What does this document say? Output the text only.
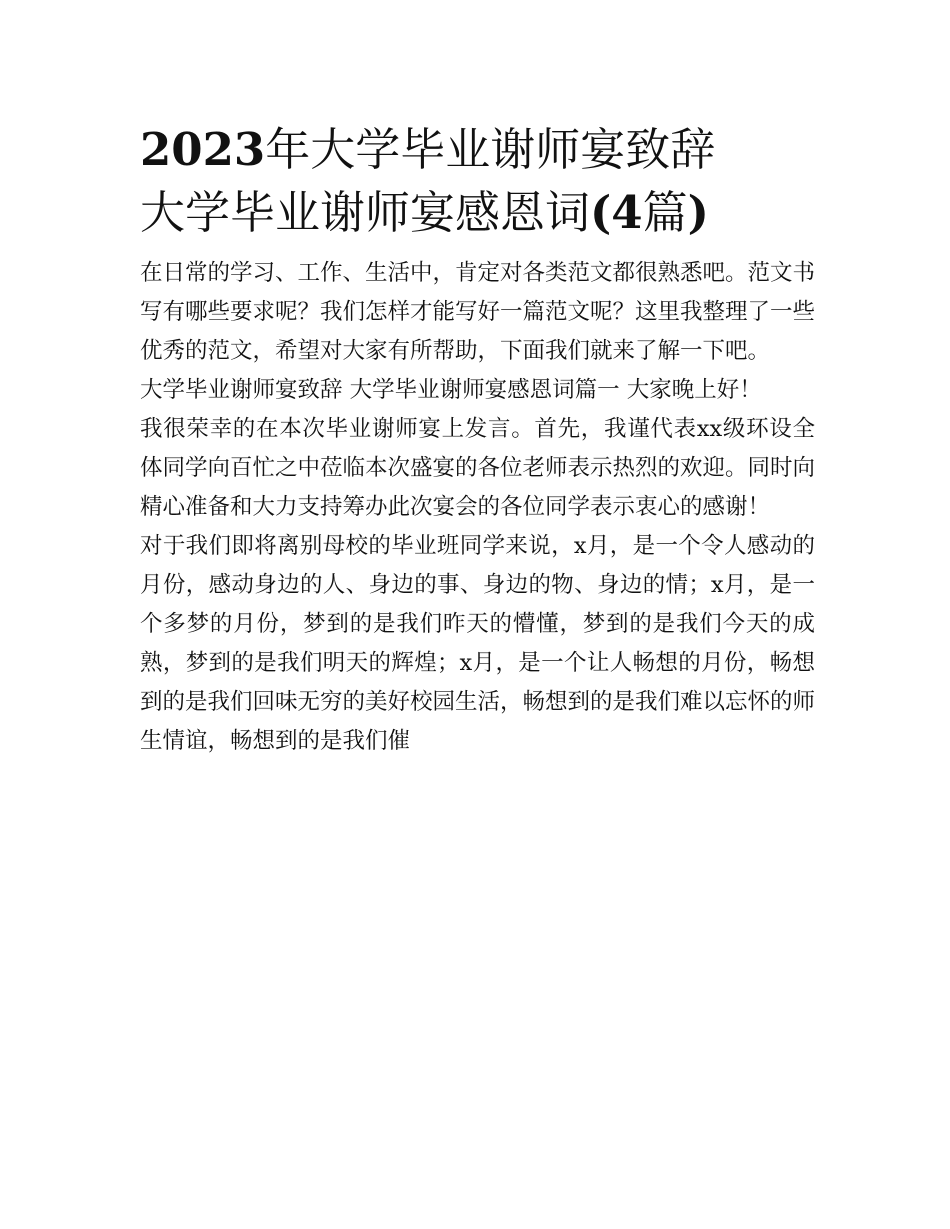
2023年大学毕业谢师宴致辞
大学毕业谢师宴感恩词(4篇)

在日常的学习、工作、生活中，肯定对各类范文都很熟悉吧。范文书写有哪些要求呢？我们怎样才能写好一篇范文呢？这里我整理了一些优秀的范文，希望对大家有所帮助，下面我们就来了解一下吧。

大学毕业谢师宴致辞 大学毕业谢师宴感恩词篇一 大家晚上好！

我很荣幸的在本次毕业谢师宴上发言。首先，我谨代表xx级环设全体同学向百忙之中莅临本次盛宴的各位老师表示热烈的欢迎。同时向精心准备和大力支持筹办此次宴会的各位同学表示衷心的感谢！

对于我们即将离别母校的毕业班同学来说，x月，是一个令人感动的月份，感动身边的人、身边的事、身边的物、身边的情；x月，是一个多梦的月份，梦到的是我们昨天的懵懂，梦到的是我们今天的成熟，梦到的是我们明天的辉煌；x月，是一个让人畅想的月份，畅想到的是我们回味无穷的美好校园生活，畅想到的是我们难以忘怀的师生情谊，畅想到的是我们催
